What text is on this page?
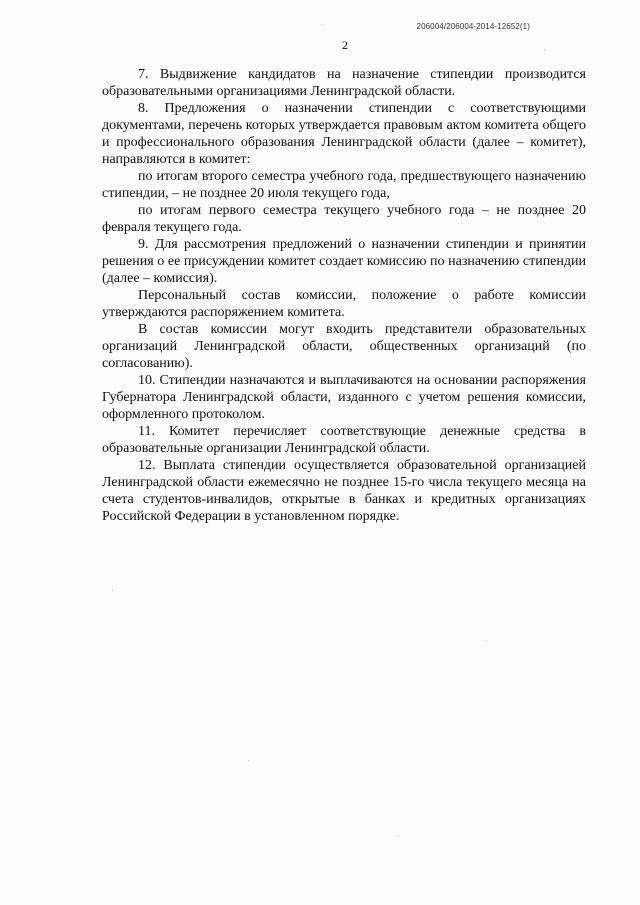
206004/206004-2014-12652(1)
2

7. Выдвижение кандидатов на назначение стипендии производится образовательными организациями Ленинградской области.

8. Предложения о назначении стипендии с соответствующими документами, перечень которых утверждается правовым актом комитета общего и профессионального образования Ленинградской области (далее – комитет), направляются в комитет:

по итогам второго семестра учебного года, предшествующего назначению стипендии, – не позднее 20 июля текущего года,

по итогам первого семестра текущего учебного года – не позднее 20 февраля текущего года.

9. Для рассмотрения предложений о назначении стипендии и принятии решения о ее присуждении комитет создает комиссию по назначению стипендии (далее – комиссия).

Персональный состав комиссии, положение о работе комиссии утверждаются распоряжением комитета.

В состав комиссии могут входить представители образовательных организаций Ленинградской области, общественных организаций (по согласованию).

10. Стипендии назначаются и выплачиваются на основании распоряжения Губернатора Ленинградской области, изданного с учетом решения комиссии, оформленного протоколом.

11. Комитет перечисляет соответствующие денежные средства в образовательные организации Ленинградской области.

12. Выплата стипендии осуществляется образовательной организацией Ленинградской области ежемесячно не позднее 15-го числа текущего месяца на счета студентов-инвалидов, открытые в банках и кредитных организациях Российской Федерации в установленном порядке.
